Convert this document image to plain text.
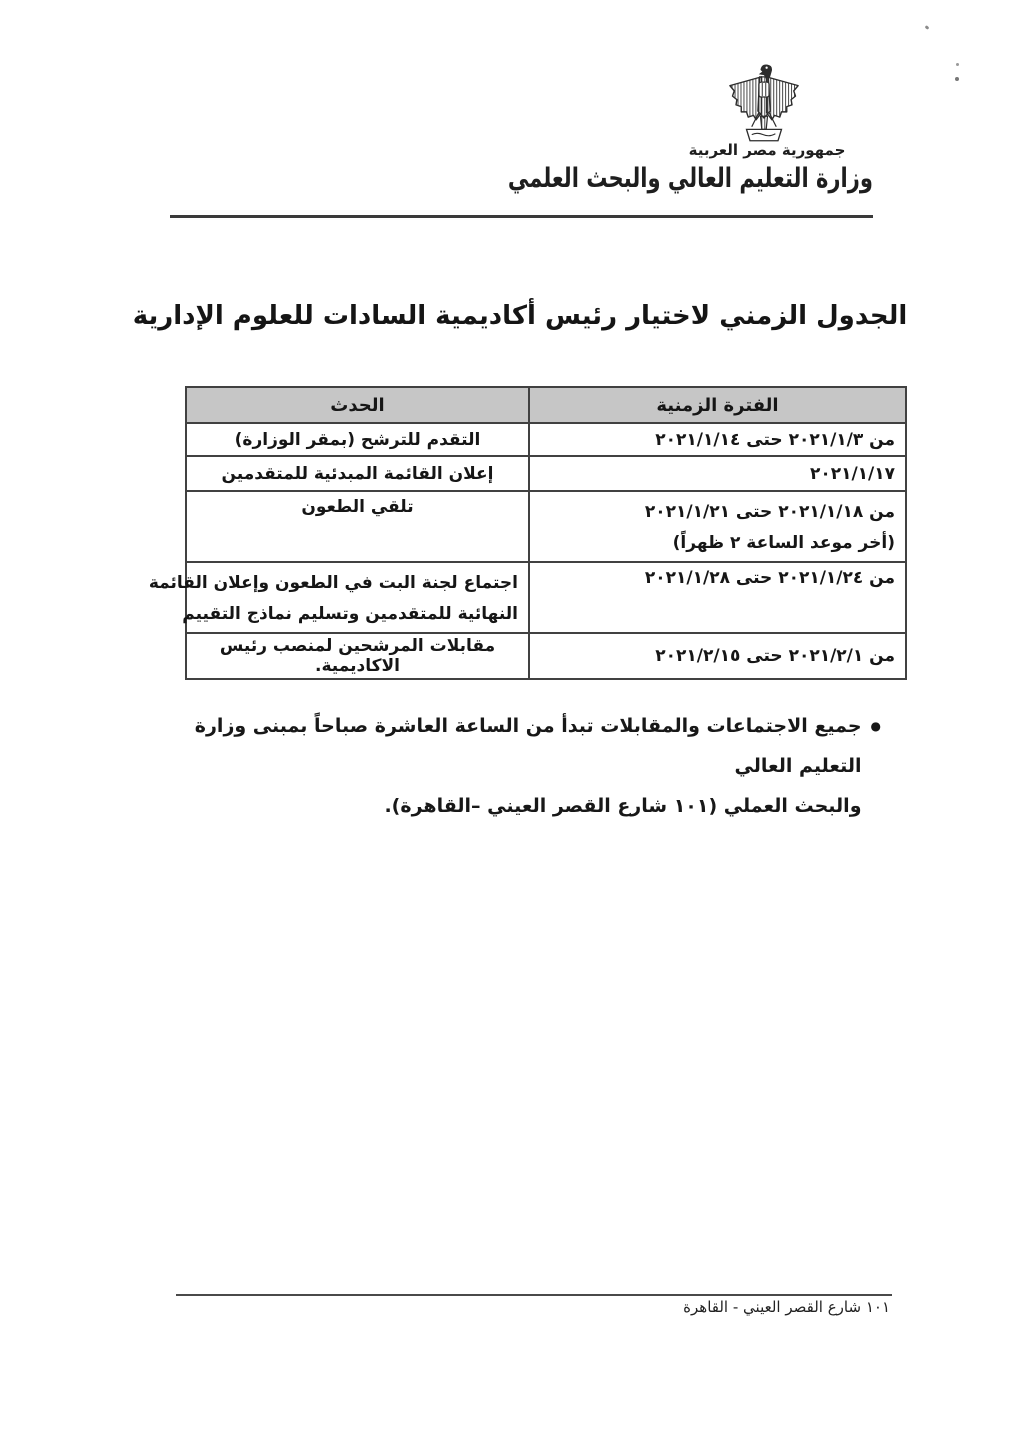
جمهورية مصر العربية
وزارة التعليم العالي والبحث العلمي
الجدول الزمني لاختيار رئيس أكاديمية السادات للعلوم الإدارية
الفترة الزمنية	الحدث
من ٢٠٢١/١/٣ حتى ٢٠٢١/١/١٤	التقدم للترشح (بمقر الوزارة)
٢٠٢١/١/١٧	إعلان القائمة المبدئية للمتقدمين

من ٢٠٢١/١/١٨ حتى ٢٠٢١/١/٢١
(أخر موعد الساعة ٢ ظهراً)	تلقي الطعون
من ٢٠٢١/١/٢٤ حتى ٢٠٢١/١/٢٨	اجتماع لجنة البت في الطعون وإعلان القائمة
النهائية للمتقدمين وتسليم نماذج التقييم

من ٢٠٢١/٢/١ حتى ٢٠٢١/٢/١٥	مقابلات المرشحين لمنصب رئيس الاكاديمية.
●
جميع الاجتماعات والمقابلات تبدأ من الساعة العاشرة صباحاً بمبنى وزارة التعليم العالي
والبحث العملي (١٠١ شارع القصر العيني –القاهرة).
١٠١ شارع القصر العيني - القاهرة
